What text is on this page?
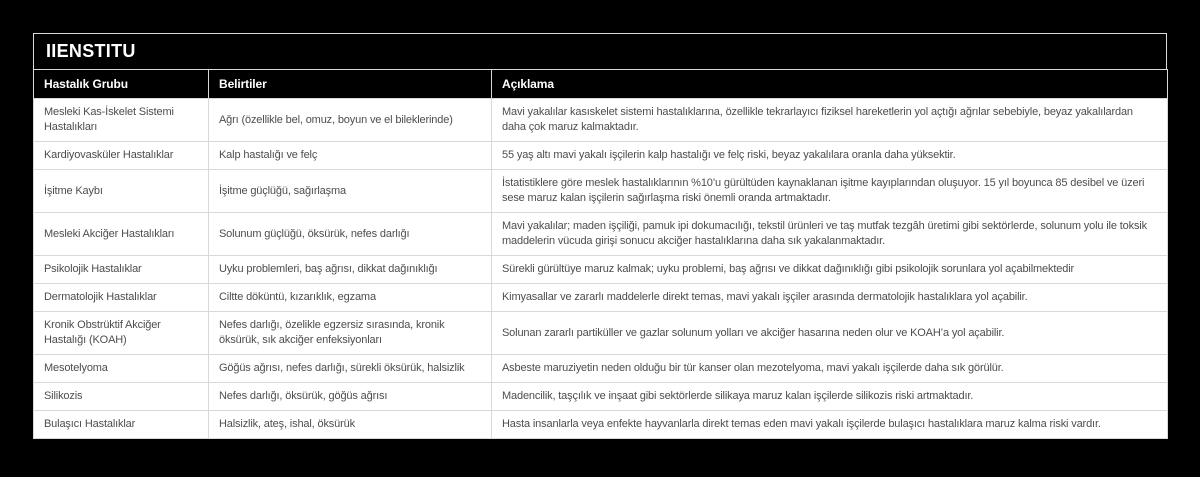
IIENSTITU
Hastalık Grubu	Belirtiler	Açıklama
Mesleki Kas-İskelet Sistemi Hastalıkları	Ağrı (özellikle bel, omuz, boyun ve el bileklerinde)	Mavi yakalılar kasıskelet sistemi hastalıklarına, özellikle tekrarlayıcı fiziksel hareketlerin yol açtığı ağrılar sebebiyle, beyaz yakalılardan daha çok maruz kalmaktadır.
Kardiyovasküler Hastalıklar	Kalp hastalığı ve felç	55 yaş altı mavi yakalı işçilerin kalp hastalığı ve felç riski, beyaz yakalılara oranla daha yüksektir.
İşitme Kaybı	İşitme güçlüğü, sağırlaşma	İstatistiklere göre meslek hastalıklarının %10’u gürültüden kaynaklanan işitme kayıplarından oluşuyor. 15 yıl boyunca 85 desibel ve üzeri sese maruz kalan işçilerin sağırlaşma riski önemli oranda artmaktadır.
Mesleki Akciğer Hastalıkları	Solunum güçlüğü, öksürük, nefes darlığı	Mavi yakalılar; maden işçiliği, pamuk ipi dokumacılığı, tekstil ürünleri ve taş mutfak tezgâh üretimi gibi sektörlerde, solunum yolu ile toksik maddelerin vücuda girişi sonucu akciğer hastalıklarına daha sık yakalanmaktadır.
Psikolojik Hastalıklar	Uyku problemleri, baş ağrısı, dikkat dağınıklığı	Sürekli gürültüye maruz kalmak; uyku problemi, baş ağrısı ve dikkat dağınıklığı gibi psikolojik sorunlara yol açabilmektedir
Dermatolojik Hastalıklar	Ciltte döküntü, kızarıklık, egzama	Kimyasallar ve zararlı maddelerle direkt temas, mavi yakalı işçiler arasında dermatolojik hastalıklara yol açabilir.
Kronik Obstrüktif Akciğer Hastalığı (KOAH)	Nefes darlığı, özelikle egzersiz sırasında, kronik öksürük, sık akciğer enfeksiyonları	Solunan zararlı partiküller ve gazlar solunum yolları ve akciğer hasarına neden olur ve KOAH’a yol açabilir.
Mesotelyoma	Göğüs ağrısı, nefes darlığı, sürekli öksürük, halsizlik	Asbeste maruziyetin neden olduğu bir tür kanser olan mezotelyoma, mavi yakalı işçilerde daha sık görülür.
Silikozis	Nefes darlığı, öksürük, göğüs ağrısı	Madencilik, taşçılık ve inşaat gibi sektörlerde silikaya maruz kalan işçilerde silikozis riski artmaktadır.
Bulaşıcı Hastalıklar	Halsizlik, ateş, ishal, öksürük	Hasta insanlarla veya enfekte hayvanlarla direkt temas eden mavi yakalı işçilerde bulaşıcı hastalıklara maruz kalma riski vardır.
